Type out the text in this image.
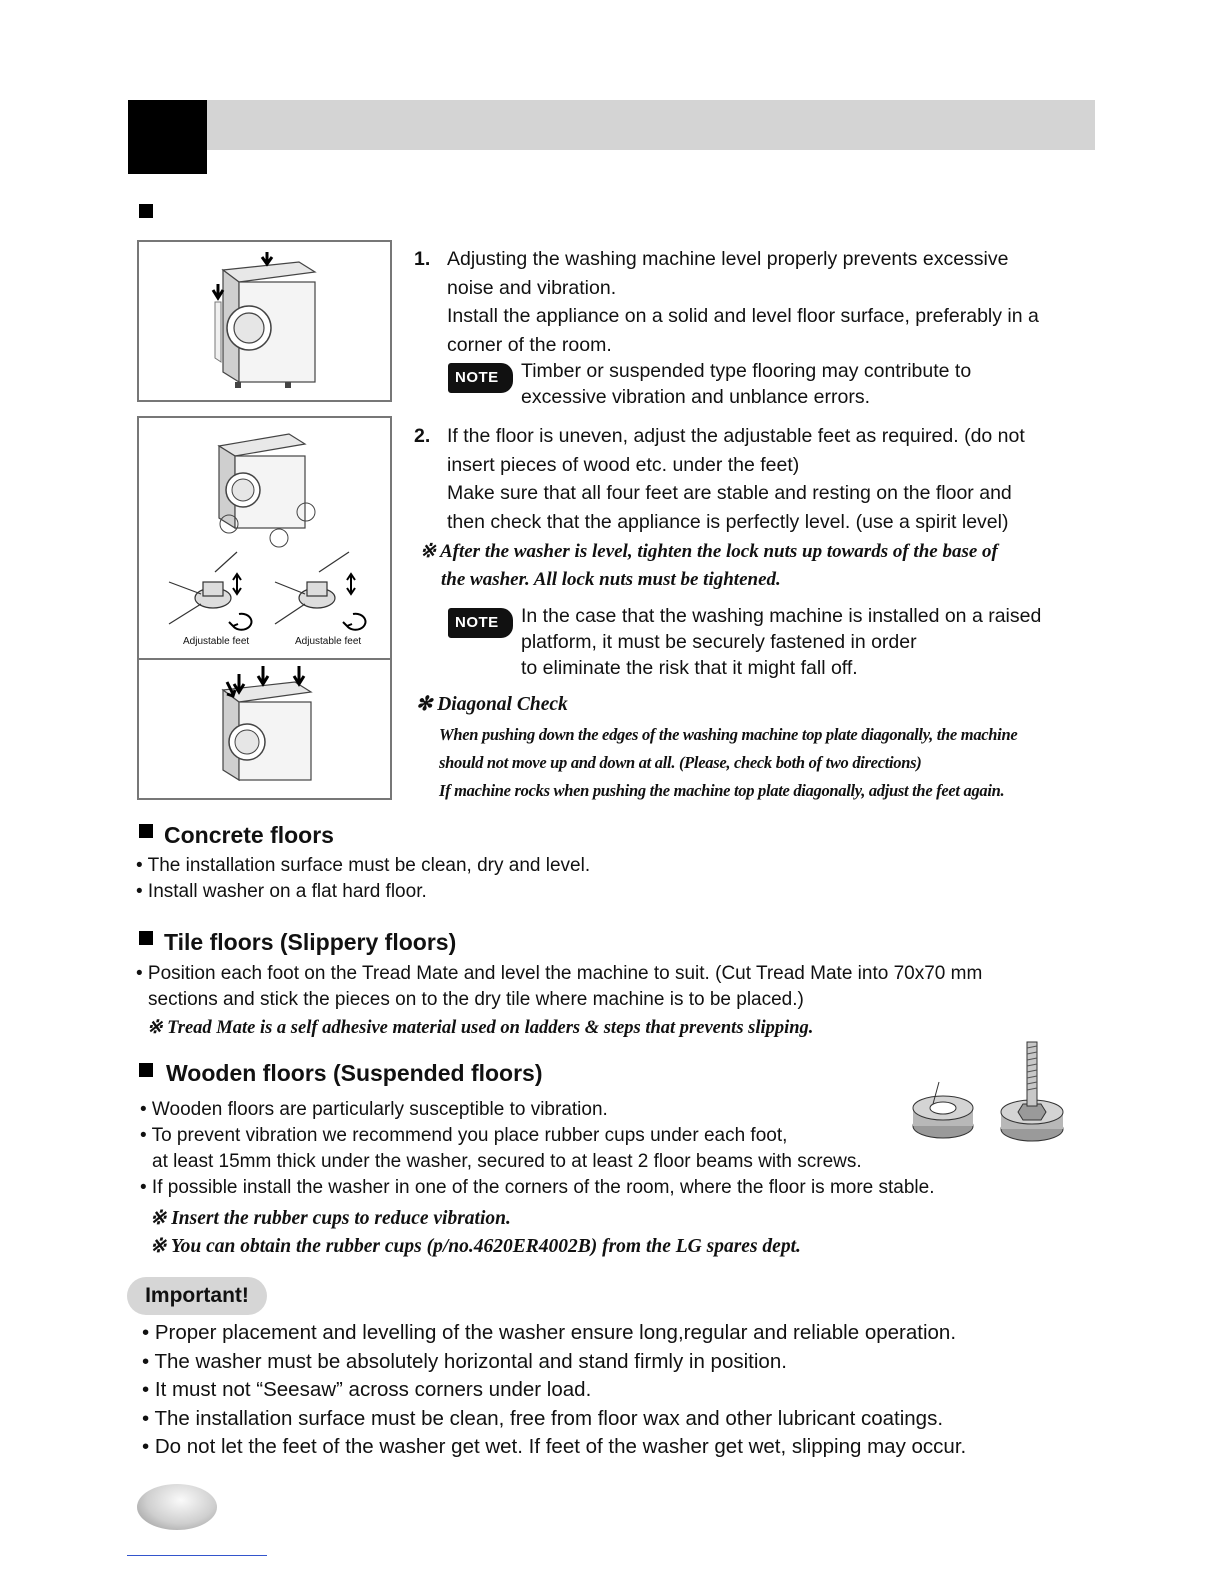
Adjustable feet	Adjustable feet
1. Adjusting the washing machine level properly prevents excessive
noise and vibration.
Install the appliance on a solid and level floor surface, preferably in a
corner of the room.
NOTE	Timber or suspended type flooring may contribute to
excessive vibration and unblance errors.
2. If the floor is uneven, adjust the adjustable feet as required. (do not
insert pieces of wood etc. under the feet)
Make sure that all four feet are stable and resting on the floor and
then check that the appliance is perfectly level. (use a spirit level)
※ After the washer is level, tighten the lock nuts up towards of the base of
the washer. All lock nuts must be tightened.
NOTE	In the case that the washing machine is installed on a raised
platform, it must be securely fastened in order
to eliminate the risk that it might fall off.
✻ Diagonal Check
When pushing down the edges of the washing machine top plate diagonally, the machine
should not move up and down at all. (Please, check both of two directions)
If machine rocks when pushing the machine top plate diagonally, adjust the feet again.
Concrete floors
• The installation surface must be clean, dry and level.
• Install washer on a flat hard floor.
Tile floors (Slippery floors)
• Position each foot on the Tread Mate and level the machine to suit. (Cut Tread Mate into 70x70 mm
sections and stick the pieces on to the dry tile where machine is to be placed.)
※ Tread Mate is a self adhesive material used on ladders & steps that prevents slipping.
Wooden floors (Suspended floors)
• Wooden floors are particularly susceptible to vibration.
• To prevent vibration we recommend you place rubber cups under each foot,
at least 15mm thick under the washer, secured to at least 2 floor beams with screws.
• If possible install the washer in one of the corners of the room, where the floor is more stable.
※ Insert the rubber cups to reduce vibration.
※ You can obtain the rubber cups (p/no.4620ER4002B) from the LG spares dept.
Important!
• Proper placement and levelling of the washer ensure long,regular and reliable operation.
• The washer must be absolutely horizontal and stand firmly in position.
• It must not “Seesaw” across corners under load.
• The installation surface must be clean, free from floor wax and other lubricant coatings.
• Do not let the feet of the washer get wet. If feet of the washer get wet, slipping may occur.
